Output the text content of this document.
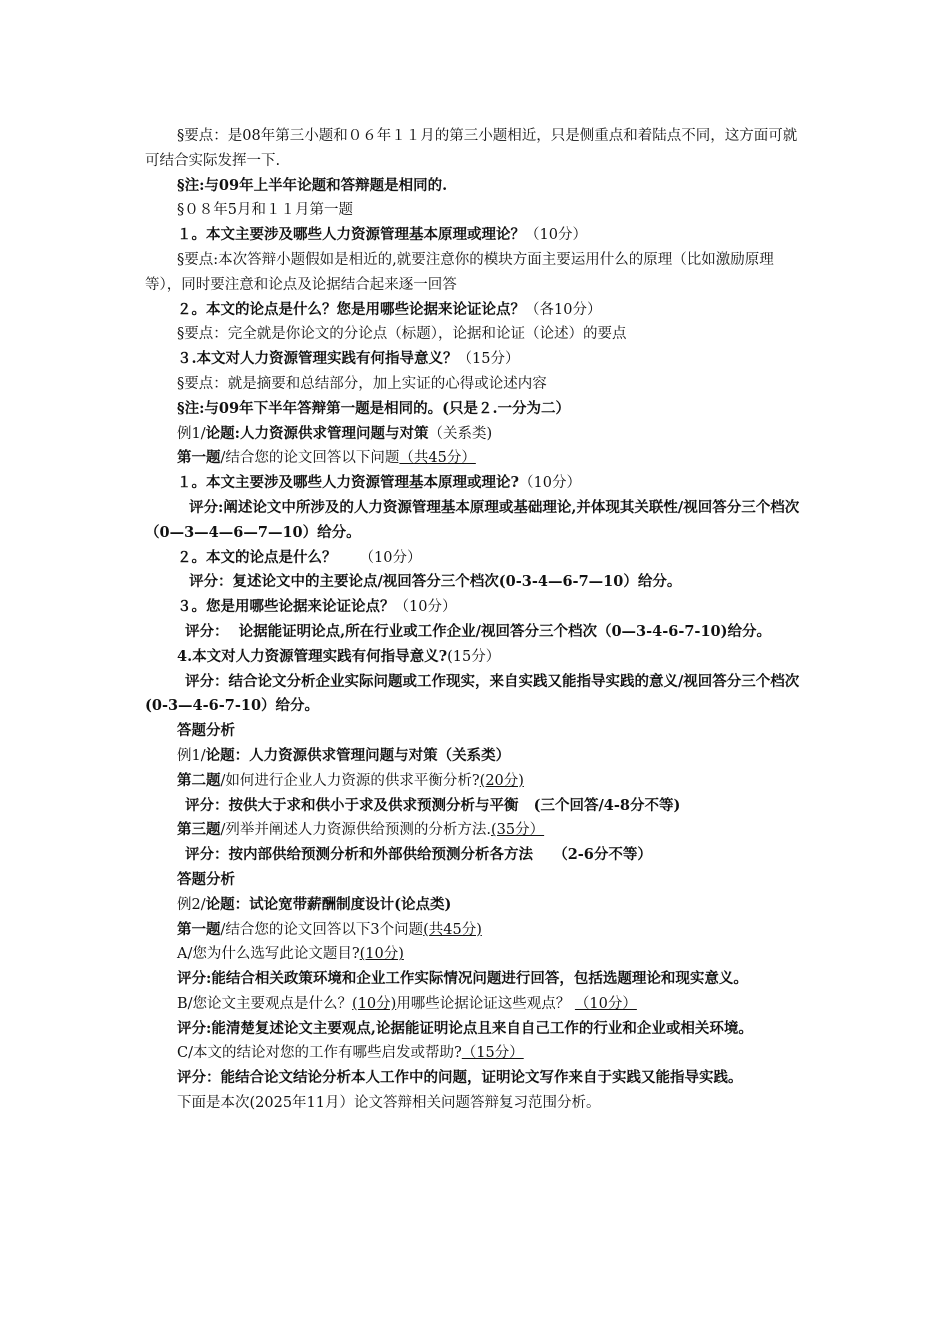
§要点：是08年第三小题和０６年１１月的第三小题相近，只是侧重点和着陆点不同，这方面可就可结合实际发挥一下.

§注:与09年上半年论题和答辩题是相同的.

§０８年5月和１１月第一题

１。本文主要涉及哪些人力资源管理基本原理或理论？（10分）

§要点:本次答辩小题假如是相近的,就要注意你的模块方面主要运用什么的原理（比如激励原理等），同时要注意和论点及论据结合起来逐一回答

２。本文的论点是什么？您是用哪些论据来论证论点？（各10分）

§要点：完全就是你论文的分论点（标题），论据和论证（论述）的要点

３.本文对人力资源管理实践有何指导意义？（15分）

§要点：就是摘要和总结部分，加上实证的心得或论述内容

§注:与09年下半年答辩第一题是相同的。(只是２.一分为二）

例1/论题:人力资源供求管理问题与对策（关系类)

第一题/结合您的论文回答以下问题（共45分）

１。本文主要涉及哪些人力资源管理基本原理或理论?（10分）

评分:阐述论文中所涉及的人力资源管理基本原理或基础理论,并体现其关联性/视回答分三个档次（0—3—4—6—7—10）给分。

２。本文的论点是什么？ （10分）

评分：复述论文中的主要论点/视回答分三个档次(0-3-4—6-7—10）给分。

３。您是用哪些论据来论证论点？（10分）

评分：  论据能证明论点,所在行业或工作企业/视回答分三个档次（0—3-4-6-7-10)给分。

4.本文对人力资源管理实践有何指导意义?(15分）

评分：结合论文分析企业实际问题或工作现实，来自实践又能指导实践的意义/视回答分三个档次(0-3—4-6-7-10）给分。

答题分析

例1/论题：人力资源供求管理问题与对策（关系类）

第二题/如何进行企业人力资源的供求平衡分析?(20分)

评分：按供大于求和供小于求及供求预测分析与平衡   (三个回答/4-8分不等)

第三题/列举并阐述人力资源供给预测的分析方法.(35分）

评分：按内部供给预测分析和外部供给预测分析各方法    （2-6分不等）

答题分析

例2/论题：试论宽带薪酬制度设计(论点类)

第一题/结合您的论文回答以下3个问题(共45分)

A/您为什么选写此论文题目?(10分)

评分:能结合相关政策环境和企业工作实际情况问题进行回答，包括选题理论和现实意义。

B/您论文主要观点是什么？(10分)用哪些论据论证这些观点？ （10分）

评分:能清楚复述论文主要观点,论据能证明论点且来自自己工作的行业和企业或相关环境。

C/本文的结论对您的工作有哪些启发或帮助?（15分）

评分：能结合论文结论分析本人工作中的问题，证明论文写作来自于实践又能指导实践。

下面是本次(2025年11月）论文答辩相关问题答辩复习范围分析。
